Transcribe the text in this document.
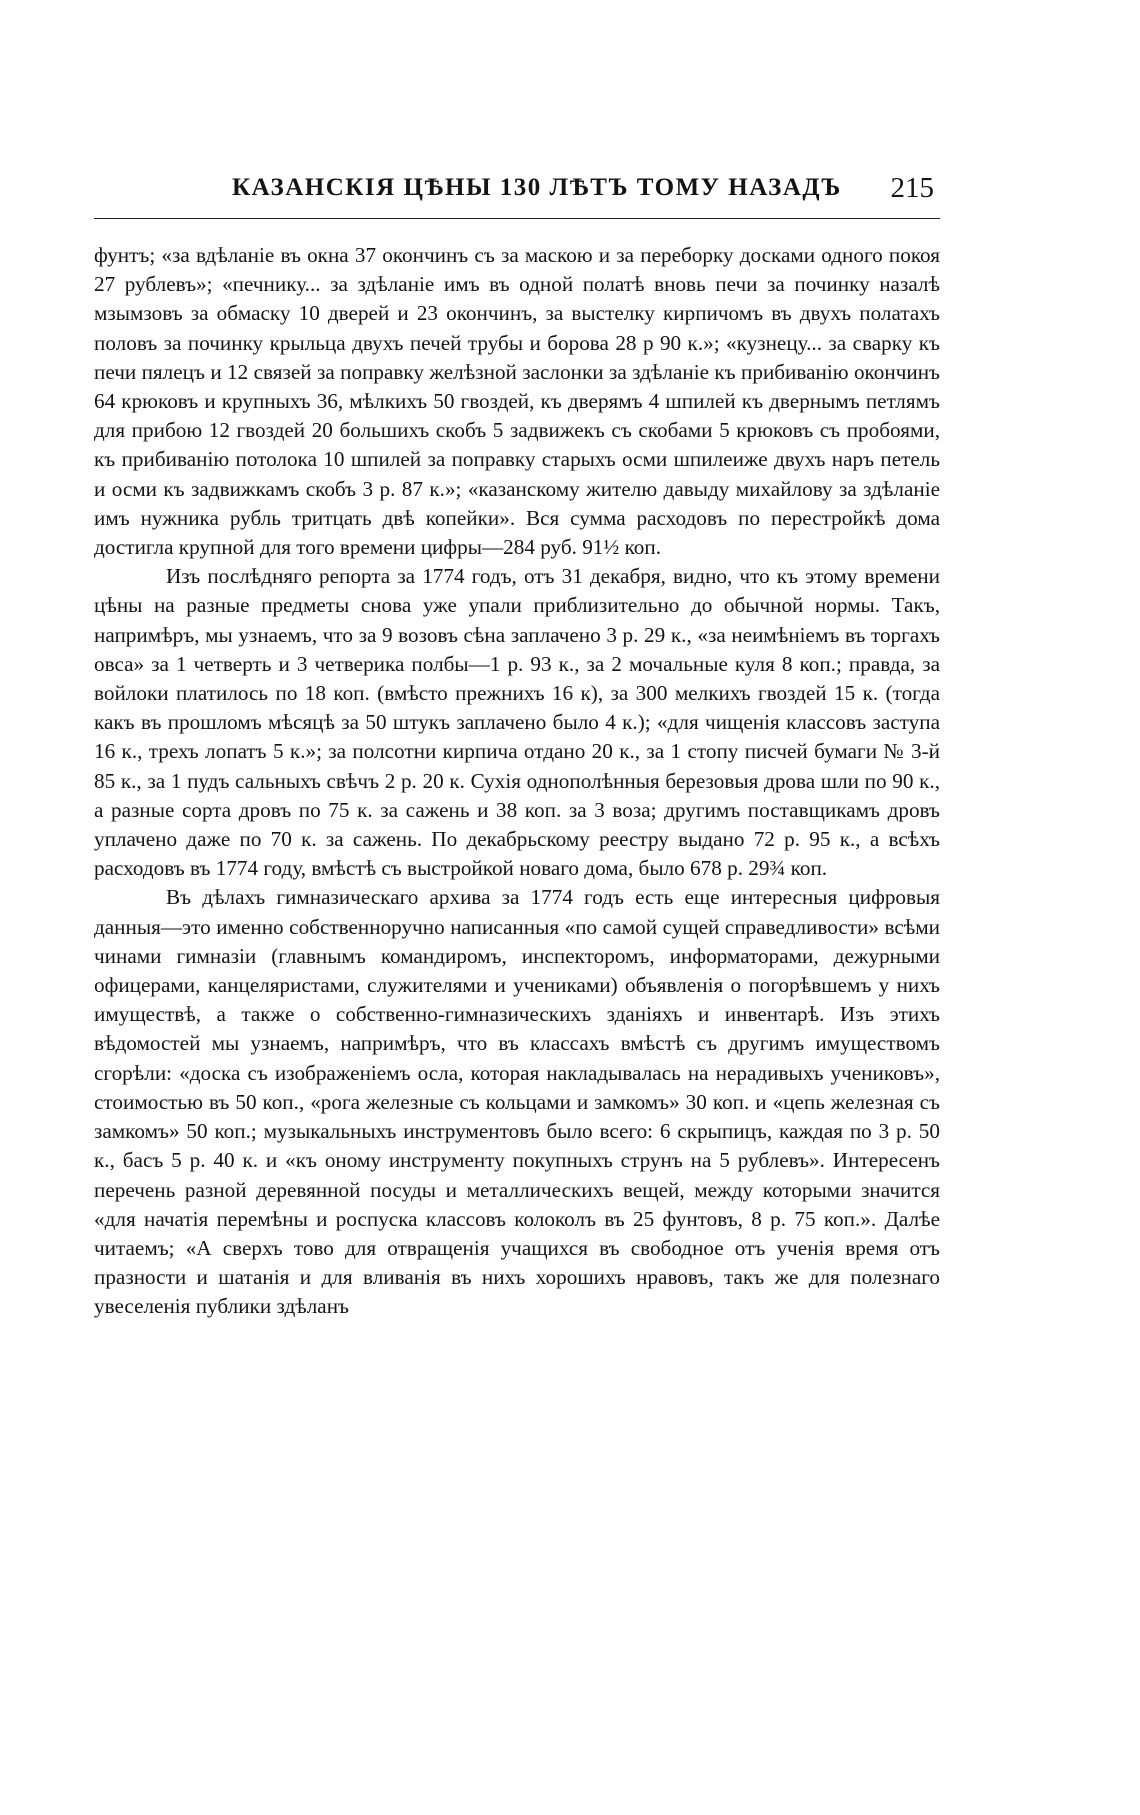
КАЗАНСКІЯ ЦѢНЫ 130 ЛѢТЪ ТОМУ НАЗАДЪ 215

фунтъ; «за вдѣланіе въ окна 37 окончинъ съ за маскою и за переборку досками одного покоя 27 рублевъ»; «печнику... за здѣланіе имъ въ одной полатѣ вновь печи за починку назалѣ мзымзовъ за обмаску 10 дверей и 23 окончинъ, за выстелку кирпичомъ въ двухъ полатахъ половъ за починку крыльца двухъ печей трубы и борова 28 р 90 к.»; «кузнецу... за сварку къ печи пялецъ и 12 связей за поправку желѣзной заслонки за здѣланіе къ прибиванію окончинъ 64 крюковъ и крупныхъ 36, мѣлкихъ 50 гвоздей, къ дверямъ 4 шпилей къ двернымъ петлямъ для прибою 12 гвоздей 20 большихъ скобъ 5 задвижекъ съ скобами 5 крюковъ съ пробоями, къ прибиванію потолока 10 шпилей за поправку старыхъ осми шпилеиже двухъ наръ петель и осми къ задвижкамъ скобъ 3 р. 87 к.»; «казанскому жителю давыду михайлову за здѣланіе имъ нужника рубль тритцать двѣ копейки». Вся сумма расходовъ по перестройкѣ дома достигла крупной для того времени цифры—284 руб. 91½ коп.

Изъ послѣдняго репорта за 1774 годъ, отъ 31 декабря, видно, что къ этому времени цѣны на разные предметы снова уже упали приблизительно до обычной нормы. Такъ, напримѣръ, мы узнаемъ, что за 9 возовъ сѣна заплачено 3 р. 29 к., «за неимѣніемъ въ торгахъ овса» за 1 четверть и 3 четверика полбы—1 р. 93 к., за 2 мочальные куля 8 коп.; правда, за войлоки платилось по 18 коп. (вмѣсто прежнихъ 16 к), за 300 мелкихъ гвоздей 15 к. (тогда какъ въ прошломъ мѣсяцѣ за 50 штукъ заплачено было 4 к.); «для чищенія классовъ заступа 16 к., трехъ лопатъ 5 к.»; за полсотни кирпича отдано 20 к., за 1 стопу писчей бумаги № 3-й 85 к., за 1 пудъ сальныхъ свѣчъ 2 р. 20 к. Сухія однополѣнныя березовыя дрова шли по 90 к., а разные сорта дровъ по 75 к. за сажень и 38 коп. за 3 воза; другимъ поставщикамъ дровъ уплачено даже по 70 к. за сажень. По декабрьскому реестру выдано 72 р. 95 к., а всѣхъ расходовъ въ 1774 году, вмѣстѣ съ выстройкой новаго дома, было 678 р. 29¾ коп.

Въ дѣлахъ гимназическаго архива за 1774 годъ есть еще интересныя цифровыя данныя—это именно собственноручно написанныя «по самой сущей справедливости» всѣми чинами гимназіи (главнымъ командиромъ, инспекторомъ, информаторами, дежурными офицерами, канцеляристами, служителями и учениками) объявленія о погорѣвшемъ у нихъ имуществѣ, а также о собственно-гимназическихъ зданіяхъ и инвентарѣ. Изъ этихъ вѣдомостей мы узнаемъ, напримѣръ, что въ классахъ вмѣстѣ съ другимъ имуществомъ сгорѣли: «доска съ изображеніемъ осла, которая накладывалась на нерадивыхъ учениковъ», стоимостью въ 50 коп., «рога железные съ кольцами и замкомъ» 30 коп. и «цепь железная съ замкомъ» 50 коп.; музыкальныхъ инструментовъ было всего: 6 скрыпицъ, каждая по 3 р. 50 к., басъ 5 р. 40 к. и «къ оному инструменту покупныхъ струнъ на 5 рублевъ». Интересенъ перечень разной деревянной посуды и металлическихъ вещей, между которыми значится «для начатія перемѣны и роспуска классовъ колоколъ въ 25 фунтовъ, 8 р. 75 коп.». Далѣе читаемъ; «А сверхъ тово для отвращенія учащихся въ свободное отъ ученія время отъ празности и шатанія и для вливанія въ нихъ хорошихъ нравовъ, такъ же для полезнаго увеселенія публики здѣланъ
